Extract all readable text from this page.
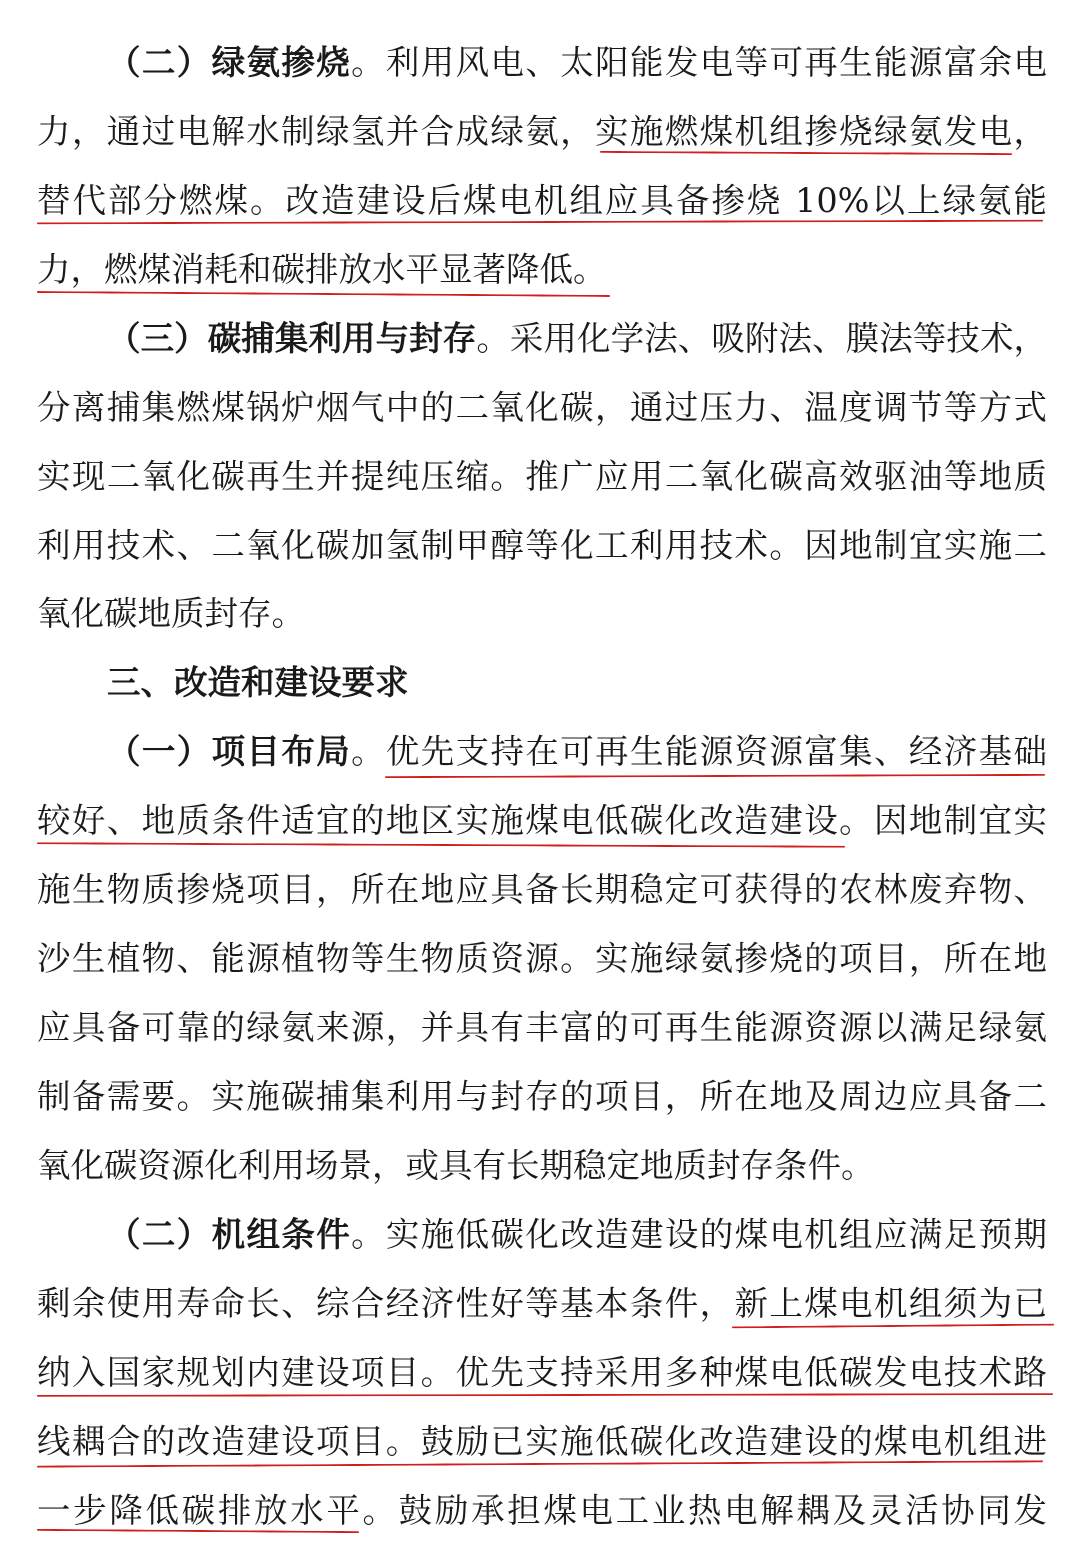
（二）绿氨掺烧。利用风电、太阳能发电等可再生能源富余电
力，通过电解水制绿氢并合成绿氨，实施燃煤机组掺烧绿氨发电，
替代部分燃煤。改造建设后煤电机组应具备掺烧 10%以上绿氨能
力，燃煤消耗和碳排放水平显著降低。
（三）碳捕集利用与封存。采用化学法、吸附法、膜法等技术，
分离捕集燃煤锅炉烟气中的二氧化碳，通过压力、温度调节等方式
实现二氧化碳再生并提纯压缩。推广应用二氧化碳高效驱油等地质
利用技术、二氧化碳加氢制甲醇等化工利用技术。因地制宜实施二
氧化碳地质封存。
三、改造和建设要求
（一）项目布局。优先支持在可再生能源资源富集、经济基础
较好、地质条件适宜的地区实施煤电低碳化改造建设。因地制宜实
施生物质掺烧项目，所在地应具备长期稳定可获得的农林废弃物、
沙生植物、能源植物等生物质资源。实施绿氨掺烧的项目，所在地
应具备可靠的绿氨来源，并具有丰富的可再生能源资源以满足绿氨
制备需要。实施碳捕集利用与封存的项目，所在地及周边应具备二
氧化碳资源化利用场景，或具有长期稳定地质封存条件。
（二）机组条件。实施低碳化改造建设的煤电机组应满足预期
剩余使用寿命长、综合经济性好等基本条件，新上煤电机组须为已
纳入国家规划内建设项目。优先支持采用多种煤电低碳发电技术路
线耦合的改造建设项目。鼓励已实施低碳化改造建设的煤电机组进
一步降低碳排放水平。鼓励承担煤电工业热电解耦及灵活协同发
